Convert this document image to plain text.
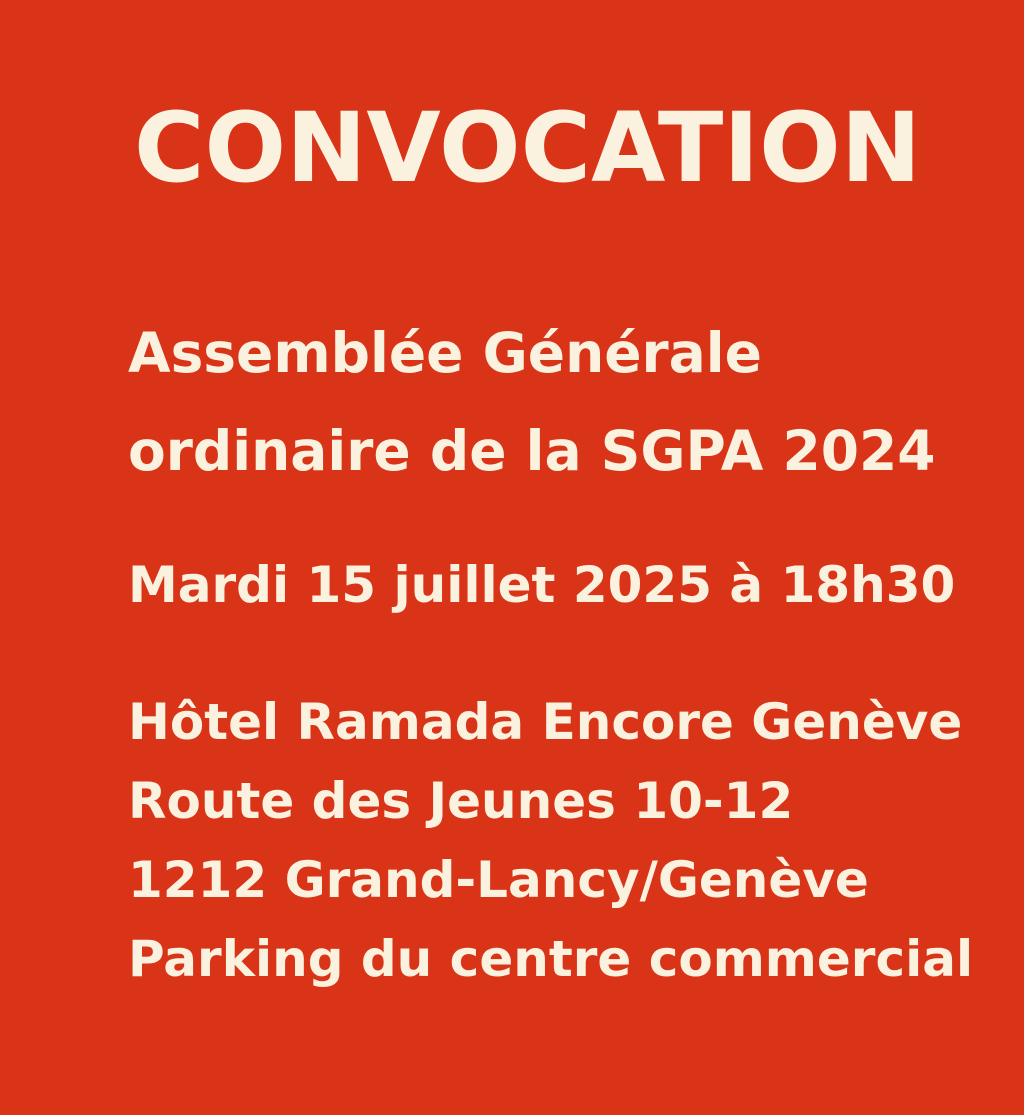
CONVOCATION

Assemblée Générale

ordinaire de la SGPA 2024

Mardi 15 juillet 2025 à 18h30

Hôtel Ramada Encore Genève

Route des Jeunes 10-12

1212 Grand-Lancy/Genève

Parking du centre commercial
